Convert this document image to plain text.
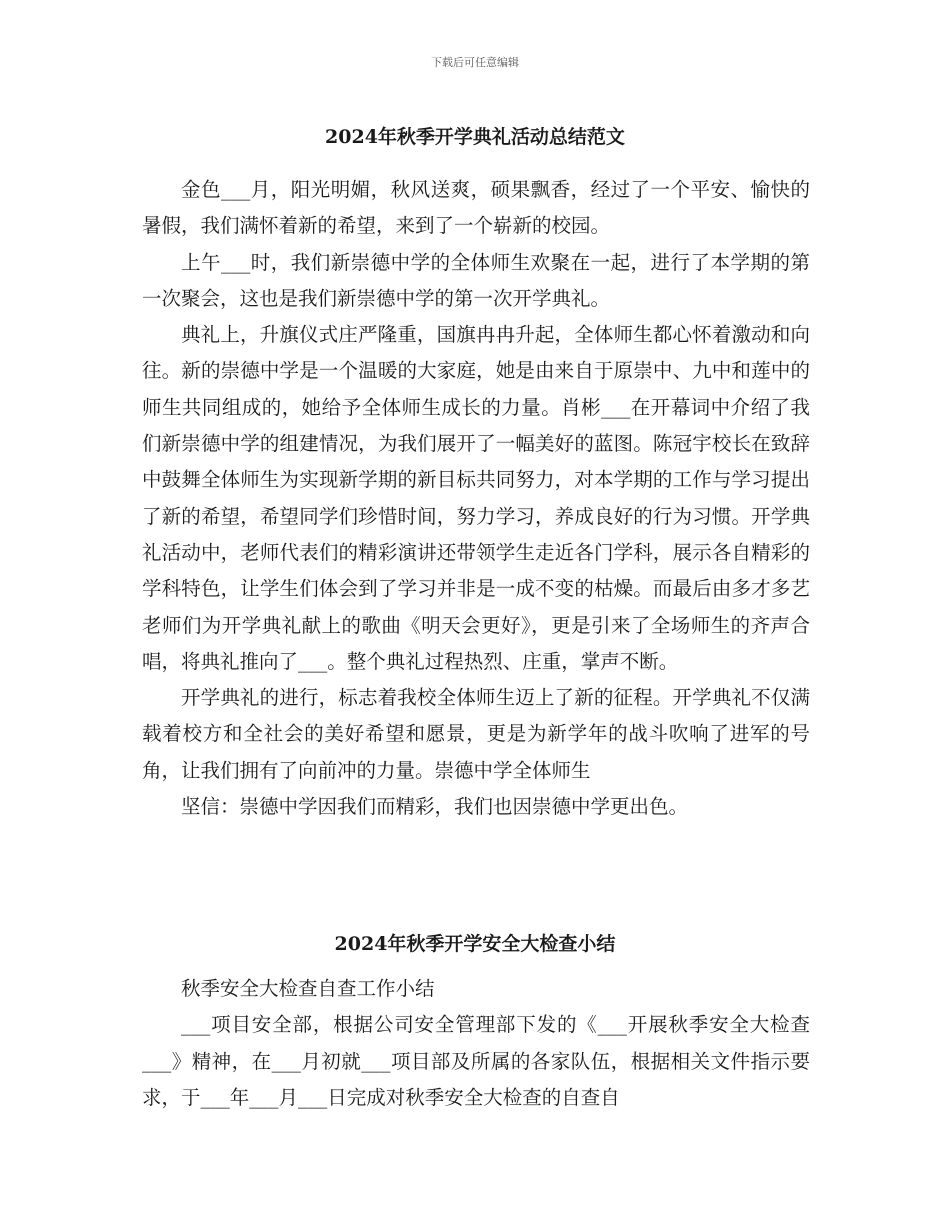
下载后可任意编辑
2024年秋季开学典礼活动总结范文

金色___月，阳光明媚，秋风送爽，硕果飘香，经过了一个平安、愉快的暑假，我们满怀着新的希望，来到了一个崭新的校园。

上午___时，我们新崇德中学的全体师生欢聚在一起，进行了本学期的第一次聚会，这也是我们新崇德中学的第一次开学典礼。

典礼上，升旗仪式庄严隆重，国旗冉冉升起，全体师生都心怀着激动和向往。新的崇德中学是一个温暖的大家庭，她是由来自于原崇中、九中和莲中的师生共同组成的，她给予全体师生成长的力量。肖彬___在开幕词中介绍了我们新崇德中学的组建情况，为我们展开了一幅美好的蓝图。陈冠宇校长在致辞中鼓舞全体师生为实现新学期的新目标共同努力，对本学期的工作与学习提出了新的希望，希望同学们珍惜时间，努力学习，养成良好的行为习惯。开学典礼活动中，老师代表们的精彩演讲还带领学生走近各门学科，展示各自精彩的学科特色，让学生们体会到了学习并非是一成不变的枯燥。而最后由多才多艺老师们为开学典礼献上的歌曲《明天会更好》，更是引来了全场师生的齐声合唱，将典礼推向了___。整个典礼过程热烈、庄重，掌声不断。

开学典礼的进行，标志着我校全体师生迈上了新的征程。开学典礼不仅满载着校方和全社会的美好希望和愿景，更是为新学年的战斗吹响了进军的号角，让我们拥有了向前冲的力量。崇德中学全体师生

坚信：崇德中学因我们而精彩，我们也因崇德中学更出色。

2024年秋季开学安全大检查小结

秋季安全大检查自查工作小结

___项目安全部，根据公司安全管理部下发的《___开展秋季安全大检查___》精神，在___月初就___项目部及所属的各家队伍，根据相关文件指示要求，于___年___月___日完成对秋季安全大检查的自查自
